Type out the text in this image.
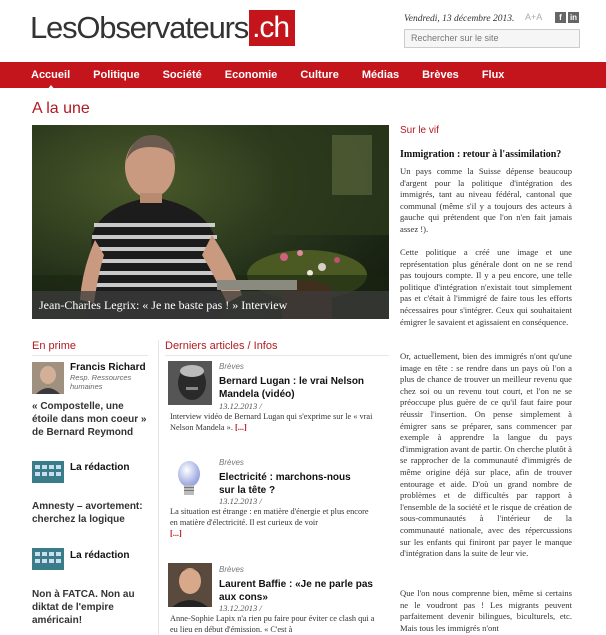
LesObservateurs .ch	Vendredi, 13 décembre 2013. A+A	f	in
Rechercher sur le site
Accueil Politique Société Economie Culture Médias Brèves Flux
A la une
Jean-Charles Legrix: « Je ne baste pas ! » Interview
En prime
Francis Richard
Resp. Ressources humaines
« Compostelle, une étoile dans mon coeur » de Bernard Reymond
La rédaction
Amnesty – avortement: cherchez la logique
La rédaction
Non à FATCA. Non au diktat de l'empire américain!
Derniers articles / Infos
Brèves
Bernard Lugan : le vrai Nelson Mandela (vidéo)
13.12.2013 /
Interview vidéo de Bernard Lugan qui s'exprime sur le « vrai Nelson Mandela ». [...]
Brèves
Electricité : marchons-nous sur la tête ?
13.12.2013 /
La situation est étrange : en matière d'énergie et plus encore en matière d'électricité. Il est curieux de voir
[...]
Brèves
Laurent Baffie : «Je ne parle pas aux cons»
13.12.2013 /
Anne-Sophie Lapix n'a rien pu faire pour éviter ce clash qui a eu lieu en début d'émission. « C'est à
Sur le vif
Immigration : retour à l'assimilation?
Un pays comme la Suisse dépense beaucoup d'argent pour la politique d'intégration des immigrés, tant au niveau fédéral, cantonal que communal (même s'il y a toujours des acteurs à gauche qui prétendent que l'on n'en fait jamais assez !).
Cette politique a créé une image et une représentation plus générale dont on ne se rend pas toujours compte. Il y a peu encore, une telle politique d'intégration n'existait tout simplement pas et c'était à l'immigré de faire tous les efforts nécessaires pour s'intégrer. Ceux qui souhaitaient émigrer le savaient et agissaient en conséquence.
Or, actuellement, bien des immigrés n'ont qu'une image en tête : se rendre dans un pays où l'on a plus de chance de trouver un meilleur revenu que chez soi ou un revenu tout court, et l'on ne se préoccupe plus guère de ce qu'il faut faire pour réussir l'insertion. On pense simplement à émigrer sans se préparer, sans commencer par exemple à apprendre la langue du pays d'immigration avant de partir. On cherche plutôt à se rapprocher de la communauté d'immigrés de même origine déjà sur place, afin de trouver entourage et aide. D'où un grand nombre de problèmes et de difficultés par rapport à l'ensemble de la société et le risque de création de sous-communautés à l'intérieur de la communauté nationale, avec des répercussions sur les enfants qui finiront par payer le manque d'intégration dans la suite de leur vie.
Que l'on nous comprenne bien, même si certains ne le voudront pas ! Les migrants peuvent parfaitement devenir bilingues, biculturels, etc. Mais tous les immigrés n'ont
